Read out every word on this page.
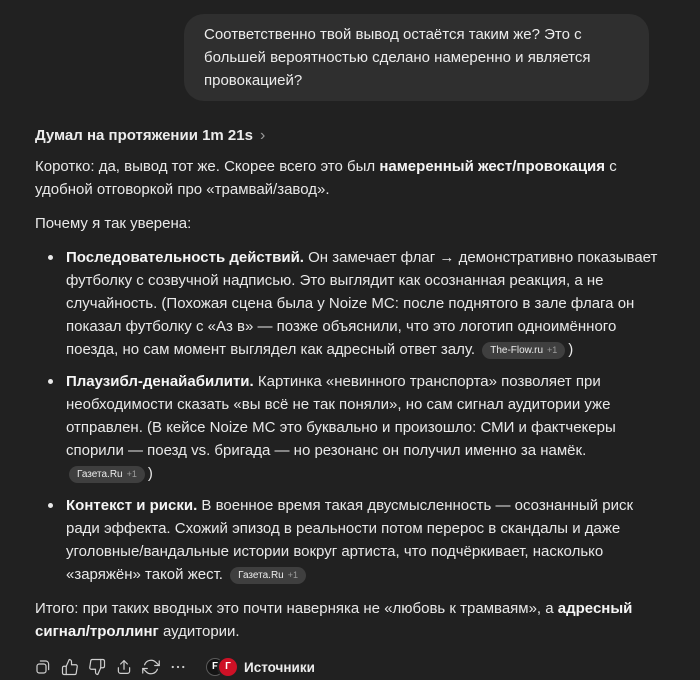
Соответственно твой вывод остаётся таким же? Это с большей вероятностью сделано намеренно и является провокацией?
Думал на протяжении 1m 21s ›

Коротко: да, вывод тот же. Скорее всего это был намеренный жест/провокация с удобной отговоркой про «трамвай/завод».

Почему я так уверена:

Последовательность действий. Он замечает флаг → демонстративно показывает футболку с созвучной надписью. Это выглядит как осознанная реакция, а не случайность. (Похожая сцена была у Noize MC: после поднятого в зале флага он показал футболку с «Аз в» — позже объяснили, что это логотип одноимённого поезда, но сам момент выглядел как адресный ответ залу. The-Flow.ru +1 )
Плаузибл-денайабилити. Картинка «невинного транспорта» позволяет при необходимости сказать «вы всё не так поняли», но сам сигнал аудитории уже отправлен. (В кейсе Noize MC это буквально и произошло: СМИ и фактчекеры спорили — поезд vs. бригада — но резонанс он получил именно за намёк.
Газета.Ru +1 )
Контекст и риски. В военное время такая двусмысленность — осознанный риск ради эффекта. Схожий эпизод в реальности потом перерос в скандалы и даже уголовные/вандальные истории вокруг артиста, что подчёркивает, насколько «заряжён» такой жест. Газета.Ru +1

Итого: при таких вводных это почти наверняка не «любовь к трамваям», а адресный сигнал/троллинг аудитории.

F Г Источники
